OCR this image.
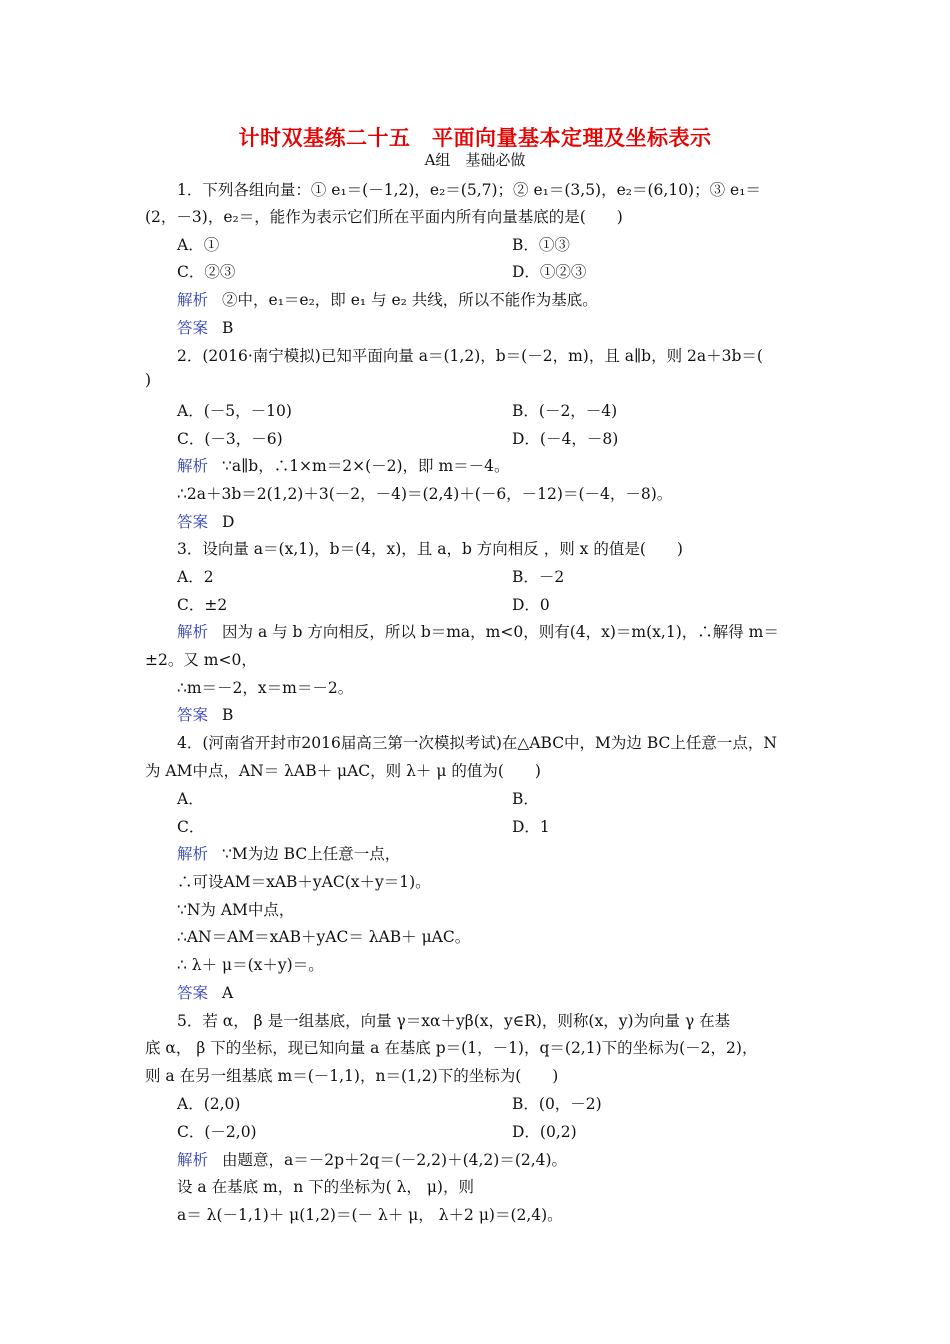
计时双基练二十五　平面向量基本定理及坐标表示
A组　基础必做
1．下列各组向量：① e₁＝(－1,2)，e₂＝(5,7)；② e₁＝(3,5)，e₂＝(6,10)；③ e₁＝
(2，－3)，e₂＝，能作为表示它们所在平面内所有向量基底的是(　　)
A．①	B．①③
C．②③	D．①②③
解析 ②中，e₁＝e₂，即 e₁ 与 e₂ 共线，所以不能作为基底。
答案 B
2．(2016·南宁模拟)已知平面向量 a＝(1,2)，b＝(－2，m)，且 a∥b，则 2a＋3b＝(
)
A．(－5，－10)	B．(－2，－4)
C．(－3，－6)	D．(－4，－8)
解析 ∵a∥b，∴1×m＝2×(－2)，即 m＝－4。
∴2a＋3b＝2(1,2)＋3(－2，－4)＝(2,4)＋(－6，－12)＝(－4，－8)。
答案 D
3．设向量 a＝(x,1)，b＝(4，x)，且 a，b 方向相反 ，则 x 的值是(　　)
A．2	B．－2
C．±2	D．0
解析 因为 a 与 b 方向相反，所以 b＝ma，m<0，则有(4，x)＝m(x,1)，∴解得 m＝
±2。又 m<0，
∴m＝－2，x＝m＝－2。
答案 B
4．(河南省开封市2016届高三第一次模拟考试)在△ABC中，M为边 BC上任意一点，N
为 AM中点，AN＝ λAB＋ μAC，则 λ＋ μ 的值为(　　)
A．	B．
C．	D．1
解析 ∵M为边 BC上任意一点，
∴可设AM＝xAB＋yAC(x＋y＝1)。
∵N为 AM中点，
∴AN＝AM＝xAB＋yAC＝ λAB＋ μAC。
∴ λ＋ μ＝(x＋y)＝。
答案 A
5．若 α， β 是一组基底，向量 γ＝xα＋yβ(x，y∈R)，则称(x，y)为向量 γ 在基
底 α， β 下的坐标，现已知向量 a 在基底 p＝(1，－1)，q＝(2,1)下的坐标为(－2，2)，
则 a 在另一组基底 m＝(－1,1)，n＝(1,2)下的坐标为(　　)
A．(2,0)	B．(0，－2)
C．(－2,0)	D．(0,2)
解析 由题意，a＝－2p＋2q＝(－2,2)＋(4,2)＝(2,4)。
设 a 在基底 m，n 下的坐标为( λ， μ)，则
a＝ λ(－1,1)＋ μ(1,2)＝(－ λ＋ μ， λ＋2 μ)＝(2,4)。
